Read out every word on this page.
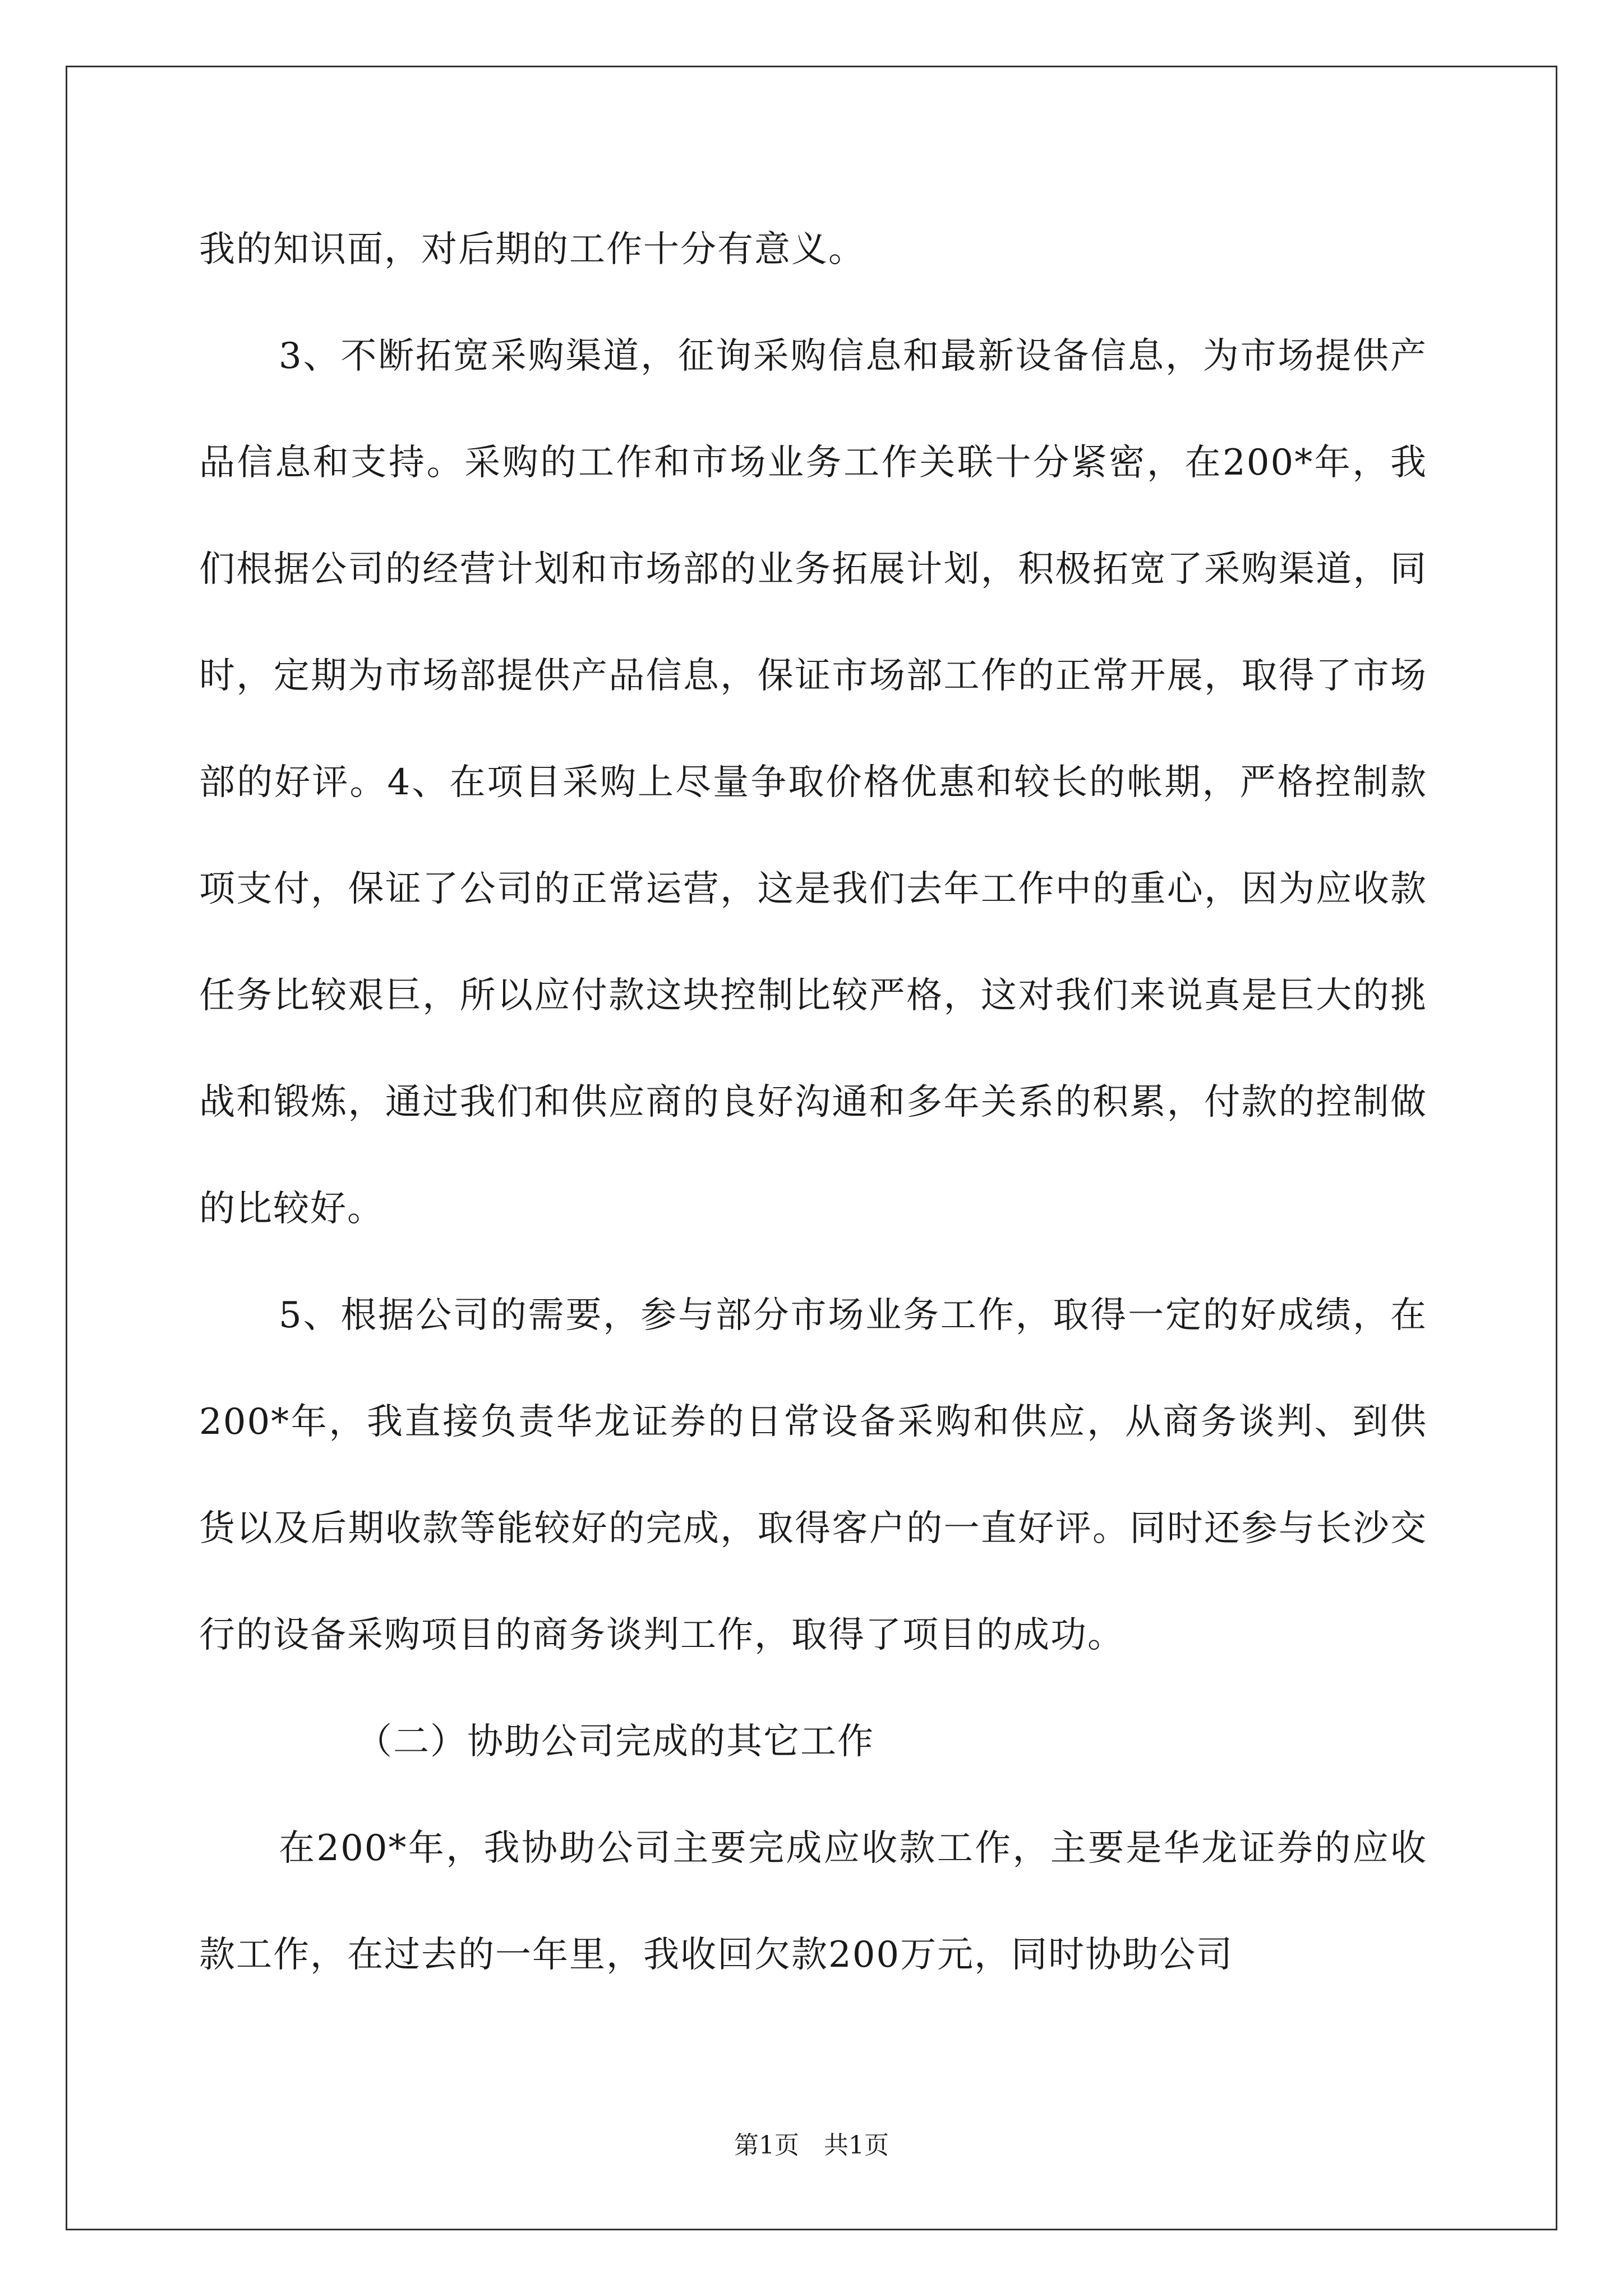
我的知识面，对后期的工作十分有意义。

3、不断拓宽采购渠道，征询采购信息和最新设备信息，为市场提供产品信息和支持。采购的工作和市场业务工作关联十分紧密，在200*年，我们根据公司的经营计划和市场部的业务拓展计划，积极拓宽了采购渠道，同时，定期为市场部提供产品信息，保证市场部工作的正常开展，取得了市场部的好评。4、在项目采购上尽量争取价格优惠和较长的帐期，严格控制款项支付，保证了公司的正常运营，这是我们去年工作中的重心，因为应收款任务比较艰巨，所以应付款这块控制比较严格，这对我们来说真是巨大的挑战和锻炼，通过我们和供应商的良好沟通和多年关系的积累，付款的控制做的比较好。

5、根据公司的需要，参与部分市场业务工作，取得一定的好成绩，在200*年，我直接负责华龙证券的日常设备采购和供应，从商务谈判、到供货以及后期收款等能较好的完成，取得客户的一直好评。同时还参与长沙交行的设备采购项目的商务谈判工作，取得了项目的成功。

（二）协助公司完成的其它工作

在200*年，我协助公司主要完成应收款工作，主要是华龙证券的应收款工作，在过去的一年里，我收回欠款200万元，同时协助公司

第1页　共1页
